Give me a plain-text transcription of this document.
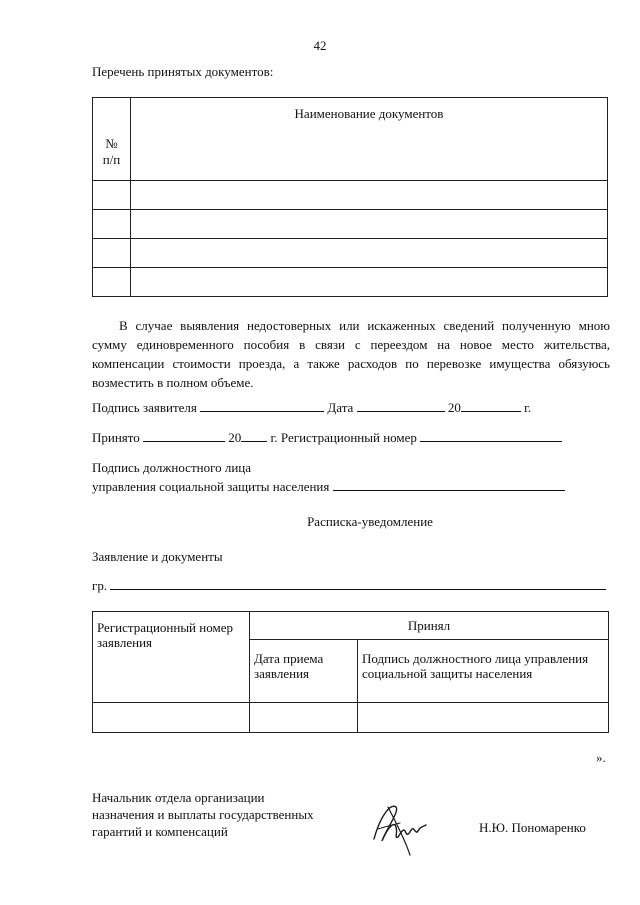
42
Перечень принятых документов:
№
п/п	Наименование документов

В случае выявления недостоверных или искаженных сведений полученную мною сумму единовременного пособия в связи с переездом на новое место жительства, компенсации стоимости проезда, а также расходов по перевозке имущества обязуюсь возместить в полном объеме.
Подпись заявителя	Дата	20	г.
Принято	20 г. Регистрационный номер
Подпись должностного лица
управления социальной защиты населения
Расписка-уведомление
Заявление и документы
гр.
Регистрационный номер заявления	Принял	
	Дата приема заявления	Подпись должностного лица управления социальной защиты населения

».
Начальник отдела организации
назначения и выплаты государственных
гарантий и компенсаций	Н.Ю. Пономаренко
